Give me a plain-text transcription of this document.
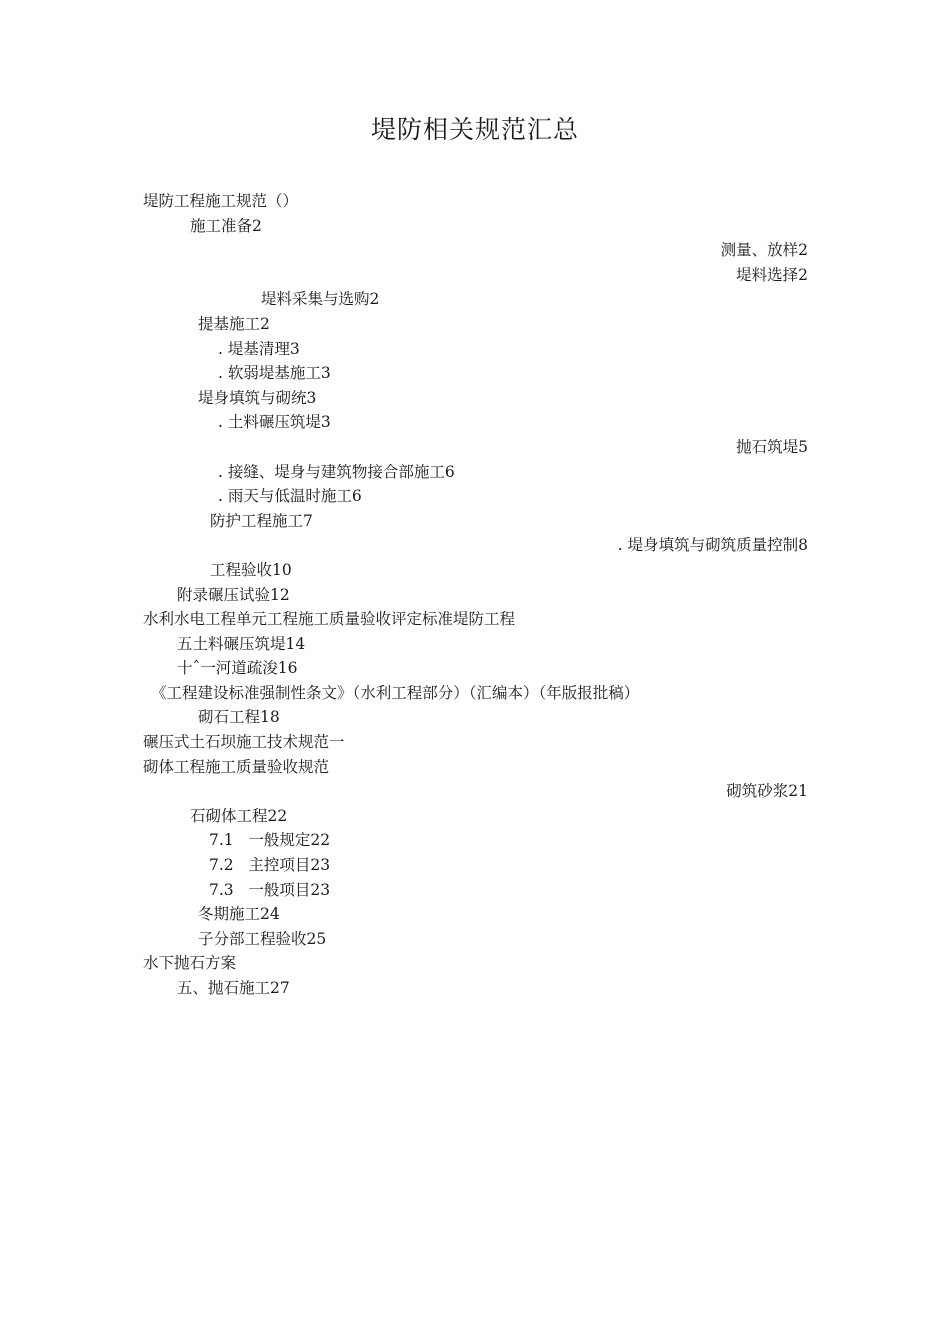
堤防相关规范汇总
堤防工程施工规范（）
施工准备2
测量、放样2
堤料选择2
堤料采集与选购2
提基施工2
. 堤基清理3
. 软弱堤基施工3
堤身填筑与砌统3
. 土料碾压筑堤3
抛石筑堤5
. 接缝、堤身与建筑物接合部施工6
. 雨天与低温时施工6
防护工程施工7
. 堤身填筑与砌筑质量控制8
工程验收10
附录碾压试验12
水利水电工程单元工程施工质量验收评定标准堤防工程
五土料碾压筑堤14
十ˆ一河道疏浚16
《工程建设标准强制性条文》（水利工程部分）（汇编本）（年版报批稿）
砌石工程18
碾压式土石坝施工技术规范一
砌体工程施工质量验收规范
砌筑砂浆21
石砌体工程22
7.1   一般规定22
7.2   主控项目23
7.3   一般项目23
冬期施工24
子分部工程验收25
水下抛石方案
五、抛石施工27
